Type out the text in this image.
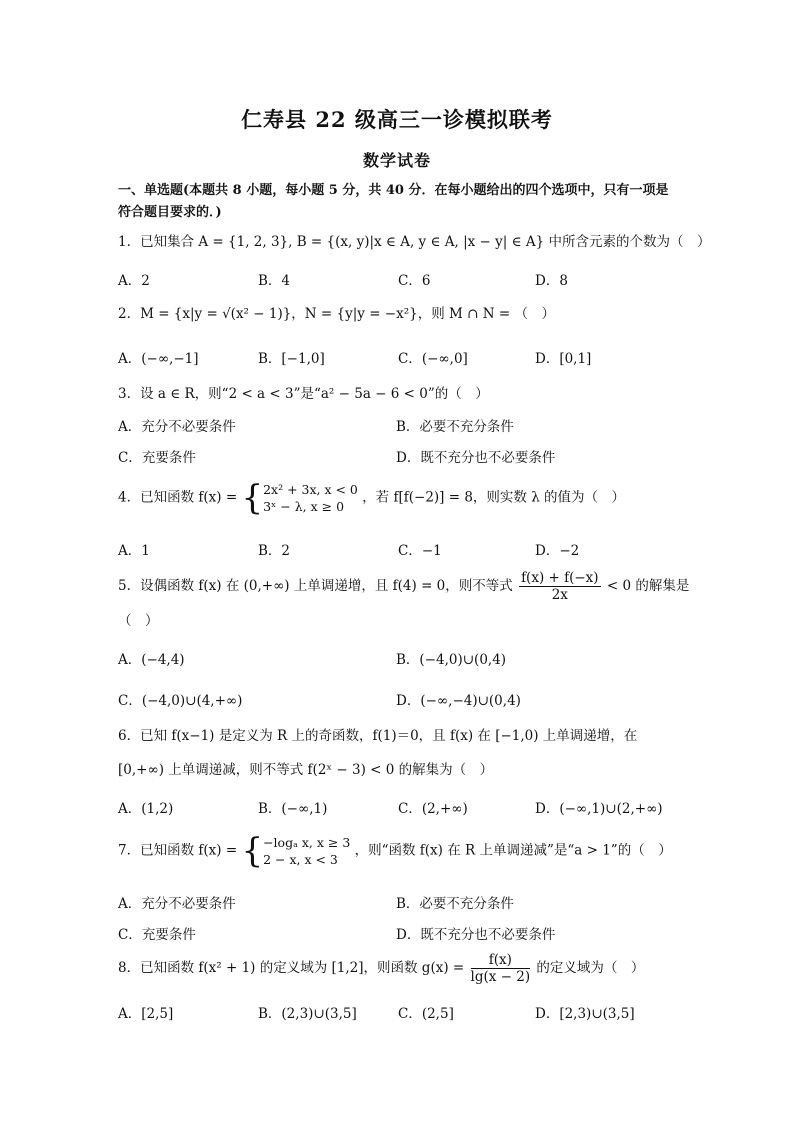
仁寿县 22 级高三一诊模拟联考
数学试卷
一、单选题(本题共 8 小题，每小题 5 分，共 40 分．在每小题给出的四个选项中，只有一项是符合题目要求的．)
1．已知集合 A = {1, 2, 3}, B = {(x, y)|x ∈ A, y ∈ A, |x − y| ∈ A} 中所含元素的个数为（　）
A．2	B．4	C．6	D．8
2．M = {x|y = √(x² − 1)}，N = {y|y = −x²}，则 M ∩ N = （　）
A．(−∞,−1]	B．[−1,0]	C．(−∞,0]	D．[0,1]
3．设 a ∈ R，则“2 < a < 3”是“a² − 5a − 6 < 0”的（　）
A．充分不必要条件	B．必要不充分条件
C．充要条件	D．既不充分也不必要条件
4．已知函数 f(x) = { 2x² + 3x, x < 0
3ˣ − λ, x ≥ 0
，若 f[f(−2)] = 8，则实数 λ 的值为（　）
A．1	B．2	C．−1	D．−2
5．设偶函数 f(x) 在 (0,+∞) 上单调递增，且 f(4) = 0，则不等式 $\frac{f(x) + f(-x)}{2x} < 0$ 的解集是
（　）
A．(−4,4)	B．(−4,0)∪(0,4)
C．(−4,0)∪(4,+∞)	D．(−∞,−4)∪(0,4)
6．已知 f(x−1) 是定义为 R 上的奇函数，f(1)＝0，且 f(x) 在 [−1,0) 上单调递增，在 [0,+∞) 上单调递减，则不等式 f(2ˣ − 3) < 0 的解集为（　）
A．(1,2)	B．(−∞,1)	C．(2,+∞)	D．(−∞,1)∪(2,+∞)
7．已知函数 f(x) = { −logₐ x, x ≥ 3
2 − x, x < 3
，则“函数 f(x) 在 R 上单调递减”是“a > 1”的（　）
A．充分不必要条件	B．必要不充分条件
C．充要条件	D．既不充分也不必要条件
8．已知函数 f(x² + 1) 的定义域为 [1,2]，则函数 $g(x) = \frac{f(x)}{\lg(x - 2)}$ 的定义域为（　）
A．[2,5]	B．(2,3)∪(3,5]	C．(2,5]	D．[2,3)∪(3,5]
